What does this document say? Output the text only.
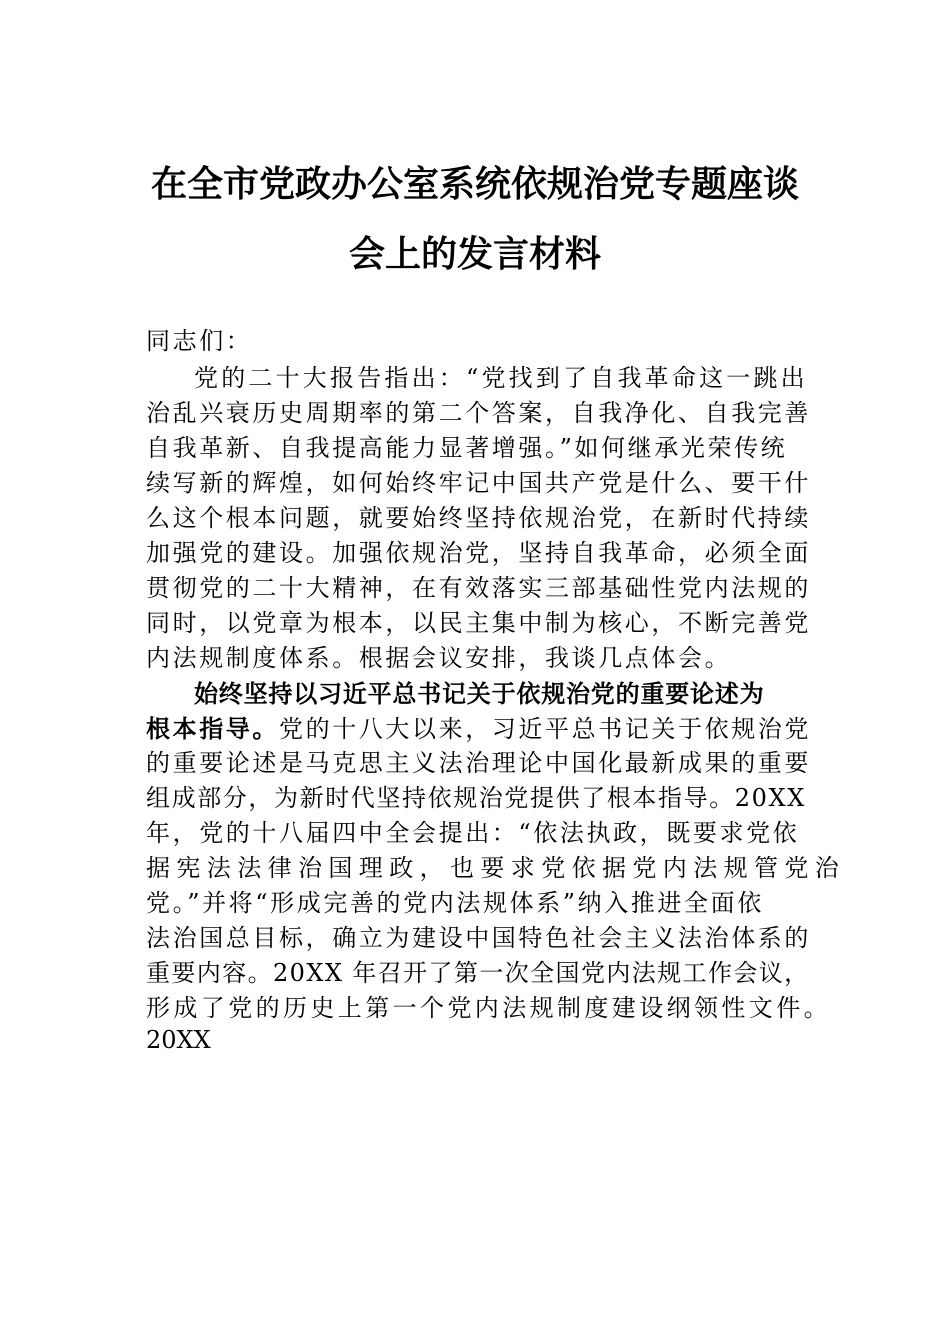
在全市党政办公室系统依规治党专题座谈
会上的发言材料
同志们：
党的二十大报告指出：“党找到了自我革命这一跳出
治乱兴衰历史周期率的第二个答案，自我净化、自我完善
自我革新、自我提高能力显著增强。”如何继承光荣传统
续写新的辉煌，如何始终牢记中国共产党是什么、要干什
么这个根本问题，就要始终坚持依规治党，在新时代持续
加强党的建设。加强依规治党，坚持自我革命，必须全面
贯彻党的二十大精神，在有效落实三部基础性党内法规的
同时，以党章为根本，以民主集中制为核心，不断完善党
内法规制度体系。根据会议安排，我谈几点体会。
始终坚持以习近平总书记关于依规治党的重要论述为
根本指导。党的十八大以来，习近平总书记关于依规治党
的重要论述是马克思主义法治理论中国化最新成果的重要
组成部分，为新时代坚持依规治党提供了根本指导。20XX
年，党的十八届四中全会提出：“依法执政，既要求党依
据宪法法律治国理政，也要求党依据党内法规管党治
党。”并将“形成完善的党内法规体系”纳入推进全面依
法治国总目标，确立为建设中国特色社会主义法治体系的
重要内容。20XX 年召开了第一次全国党内法规工作会议，
形成了党的历史上第一个党内法规制度建设纲领性文件。
20XX
